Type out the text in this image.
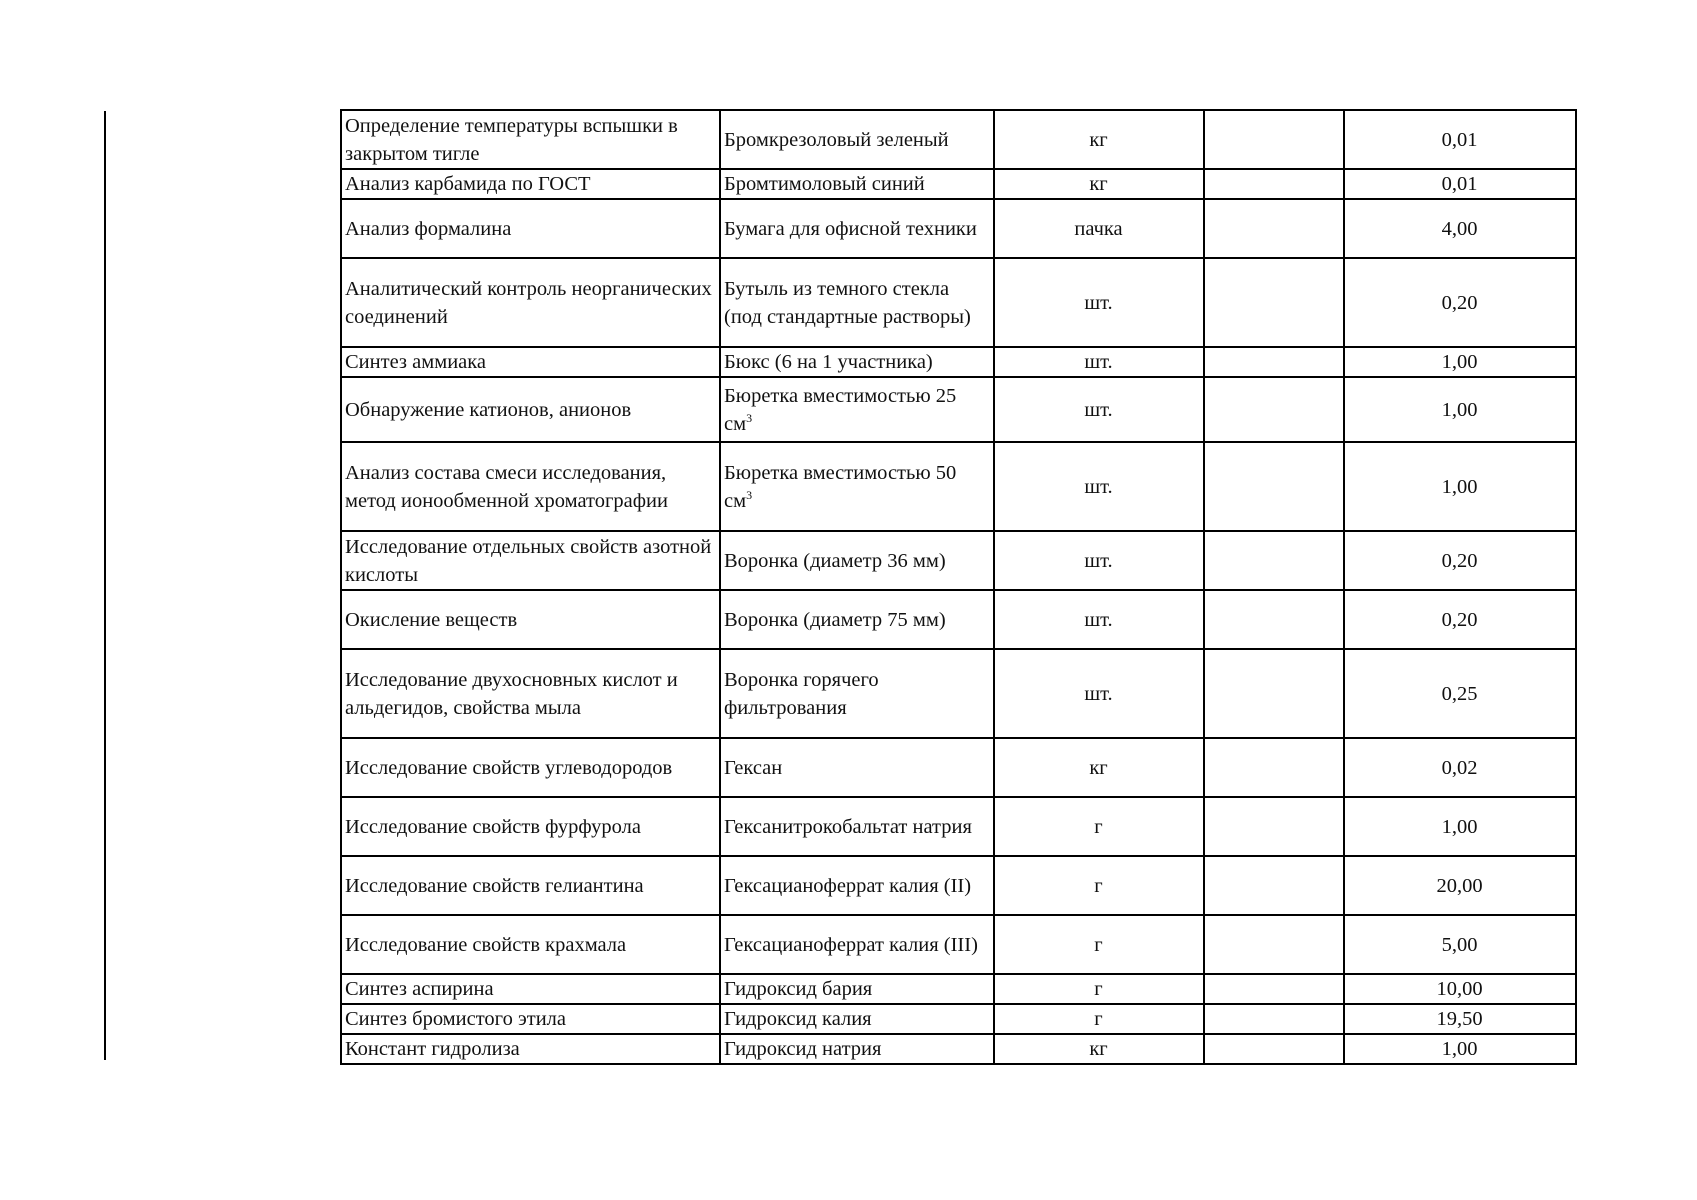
Определение температуры вспышки в закрытом тигле	Бромкрезоловый зеленый	кг		0,01
Анализ карбамида по ГОСТ	Бромтимоловый синий	кг		0,01
Анализ формалина	Бумага для офисной техники	пачка		4,00
Аналитический контроль неорганических соединений	Бутыль из темного стекла (под стандартные растворы)	шт.		0,20
Синтез аммиака	Бюкс (6 на 1 участника)	шт.		1,00
Обнаружение катионов, анионов	Бюретка вместимостью 25 $см^3$	шт.		1,00
Анализ состава смеси исследования, метод ионообменной хроматографии	Бюретка вместимостью 50 $см^3$	шт.		1,00
Исследование отдельных свойств азотной кислоты	Воронка (диаметр 36 мм)	шт.		0,20
Окисление веществ	Воронка (диаметр 75 мм)	шт.		0,20
Исследование двухосновных кислот и альдегидов, свойства мыла	Воронка горячего фильтрования	шт.		0,25
Исследование свойств углеводородов	Гексан	кг		0,02
Исследование свойств фурфурола	Гексанитрокобальтат натрия	г		1,00
Исследование свойств гелиантина	Гексацианоферрат калия (II)	г		20,00
Исследование свойств крахмала	Гексацианоферрат калия (III)	г		5,00
Синтез аспирина	Гидроксид бария	г		10,00
Синтез бромистого этила	Гидроксид калия	г		19,50
Констант гидролиза	Гидроксид натрия	кг		1,00
